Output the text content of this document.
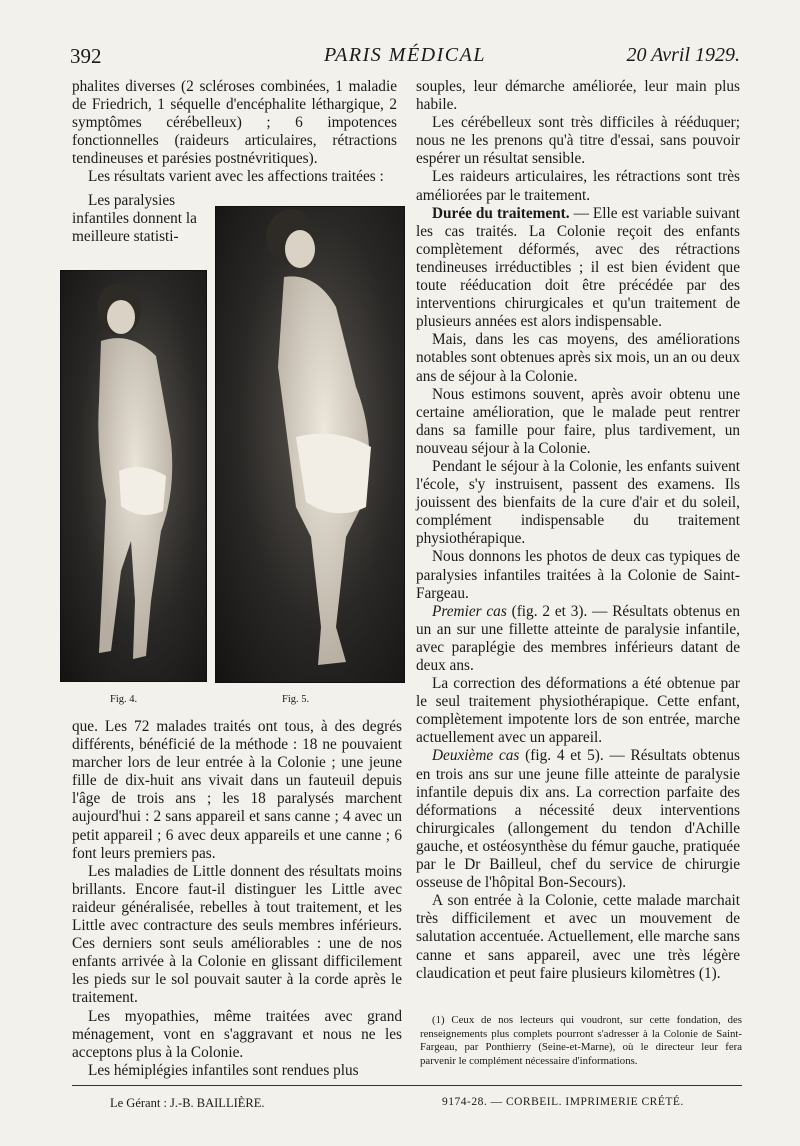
392	PARIS MÉDICAL	20 Avril 1929.

phalites diverses (2 scléroses combinées, 1 maladie de Friedrich, 1 séquelle d'encéphalite léthargique, 2 symptômes cérébelleux) ; 6 impotences fonctionnelles (raideurs articulaires, rétractions tendineuses et parésies postnévritiques).

Les résultats varient avec les affections traitées :

Les paralysies infantiles donnent la meilleure statisti-

Fig. 4.	Fig. 5.

que. Les 72 malades traités ont tous, à des degrés différents, bénéficié de la méthode : 18 ne pouvaient marcher lors de leur entrée à la Colonie ; une jeune fille de dix-huit ans vivait dans un fauteuil depuis l'âge de trois ans ; les 18 paralysés marchent aujourd'hui : 2 sans appareil et sans canne ; 4 avec un petit appareil ; 6 avec deux appareils et une canne ; 6 font leurs premiers pas.

Les maladies de Little donnent des résultats moins brillants. Encore faut-il distinguer les Little avec raideur généralisée, rebelles à tout traitement, et les Little avec contracture des seuls membres inférieurs. Ces derniers sont seuls améliorables : une de nos enfants arrivée à la Colonie en glissant difficilement les pieds sur le sol pouvait sauter à la corde après le traitement.

Les myopathies, même traitées avec grand ménagement, vont en s'aggravant et nous ne les acceptons plus à la Colonie.

Les hémiplégies infantiles sont rendues plus

souples, leur démarche améliorée, leur main plus habile.

Les cérébelleux sont très difficiles à rééduquer; nous ne les prenons qu'à titre d'essai, sans pouvoir espérer un résultat sensible.

Les raideurs articulaires, les rétractions sont très améliorées par le traitement.

Durée du traitement. — Elle est variable suivant les cas traités. La Colonie reçoit des enfants complètement déformés, avec des rétractions tendineuses irréductibles ; il est bien évident que toute rééducation doit être précédée par des interventions chirurgicales et qu'un traitement de plusieurs années est alors indispensable.

Mais, dans les cas moyens, des améliorations notables sont obtenues après six mois, un an ou deux ans de séjour à la Colonie.

Nous estimons souvent, après avoir obtenu une certaine amélioration, que le malade peut rentrer dans sa famille pour faire, plus tardivement, un nouveau séjour à la Colonie.

Pendant le séjour à la Colonie, les enfants suivent l'école, s'y instruisent, passent des examens. Ils jouissent des bienfaits de la cure d'air et du soleil, complément indispensable du traitement physiothérapique.

Nous donnons les photos de deux cas typiques de paralysies infantiles traitées à la Colonie de Saint-Fargeau.

Premier cas (fig. 2 et 3). — Résultats obtenus en un an sur une fillette atteinte de paralysie infantile, avec paraplégie des membres inférieurs datant de deux ans.

La correction des déformations a été obtenue par le seul traitement physiothérapique. Cette enfant, complètement impotente lors de son entrée, marche actuellement avec un appareil.

Deuxième cas (fig. 4 et 5). — Résultats obtenus en trois ans sur une jeune fille atteinte de paralysie infantile depuis dix ans. La correction parfaite des déformations a nécessité deux interventions chirurgicales (allongement du tendon d'Achille gauche, et ostéosynthèse du fémur gauche, pratiquée par le Dr Bailleul, chef du service de chirurgie osseuse de l'hôpital Bon-Secours).

A son entrée à la Colonie, cette malade marchait très difficilement et avec un mouvement de salutation accentuée. Actuellement, elle marche sans canne et sans appareil, avec une très légère claudication et peut faire plusieurs kilomètres (1).

(1) Ceux de nos lecteurs qui voudront, sur cette fondation, des renseignements plus complets pourront s'adresser à la Colonie de Saint-Fargeau, par Ponthierry (Seine-et-Marne), où le directeur leur fera parvenir le complément nécessaire d'informations.

Le Gérant : J.-B. BAILLIÈRE.	9174-28. — CORBEIL. IMPRIMERIE CRÉTÉ.
